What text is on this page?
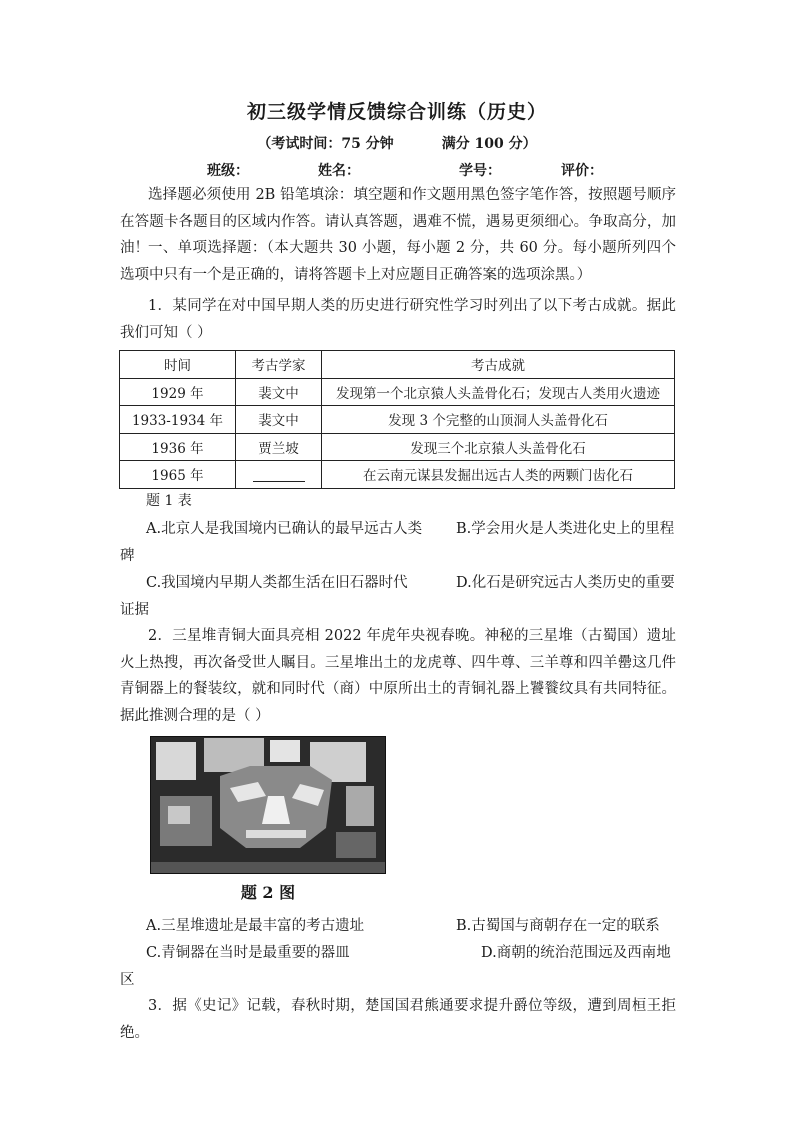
初三级学情反馈综合训练（历史）
（考试时间：75 分钟	满分 100 分）
班级：	姓名：	学号：	评价：

选择题必须使用 2B 铅笔填涂：填空题和作文题用黑色签字笔作答，按照题号顺序在答题卡各题目的区域内作答。请认真答题，遇难不慌，遇易更须细心。争取高分，加油！ 一、单项选择题：（本大题共 30 小题，每小题 2 分，共 60 分。每小题所列四个选项中只有一个是正确的，请将答题卡上对应题目正确答案的选项涂黑。）

1．某同学在对中国早期人类的历史进行研究性学习时列出了以下考古成就。据此我们可知（ ）

时间	考古学家	考古成就
1929 年	裴文中	发现第一个北京猿人头盖骨化石；发现古人类用火遗迹
1933-1934 年	裴文中	发现 3 个完整的山顶洞人头盖骨化石
1936 年	贾兰坡	发现三个北京猿人头盖骨化石
1965 年		在云南元谋县发掘出远古人类的两颗门齿化石
题 1 表
A.北京人是我国境内已确认的最早远古人类 B.学会用火是人类进化史上的里程
碑
C.我国境内早期人类都生活在旧石器时代	D.化石是研究远古人类历史的重要
证据

2．三星堆青铜大面具亮相 2022 年虎年央视春晚。神秘的三星堆（古蜀国）遗址火上热搜，再次备受世人瞩目。三星堆出土的龙虎尊、四牛尊、三羊尊和四羊罍这几件青铜器上的餐装纹，就和同时代（商）中原所出土的青铜礼器上饕餮纹具有共同特征。据此推测合理的是（ ）

题 2 图
A.三星堆遗址是最丰富的考古遗址	B.古蜀国与商朝存在一定的联系
C.青铜器在当时是最重要的器皿	D.商朝的统治范围远及西南地
区

3．据《史记》记载，春秋时期，楚国国君熊通要求提升爵位等级，遭到周桓王拒绝。
